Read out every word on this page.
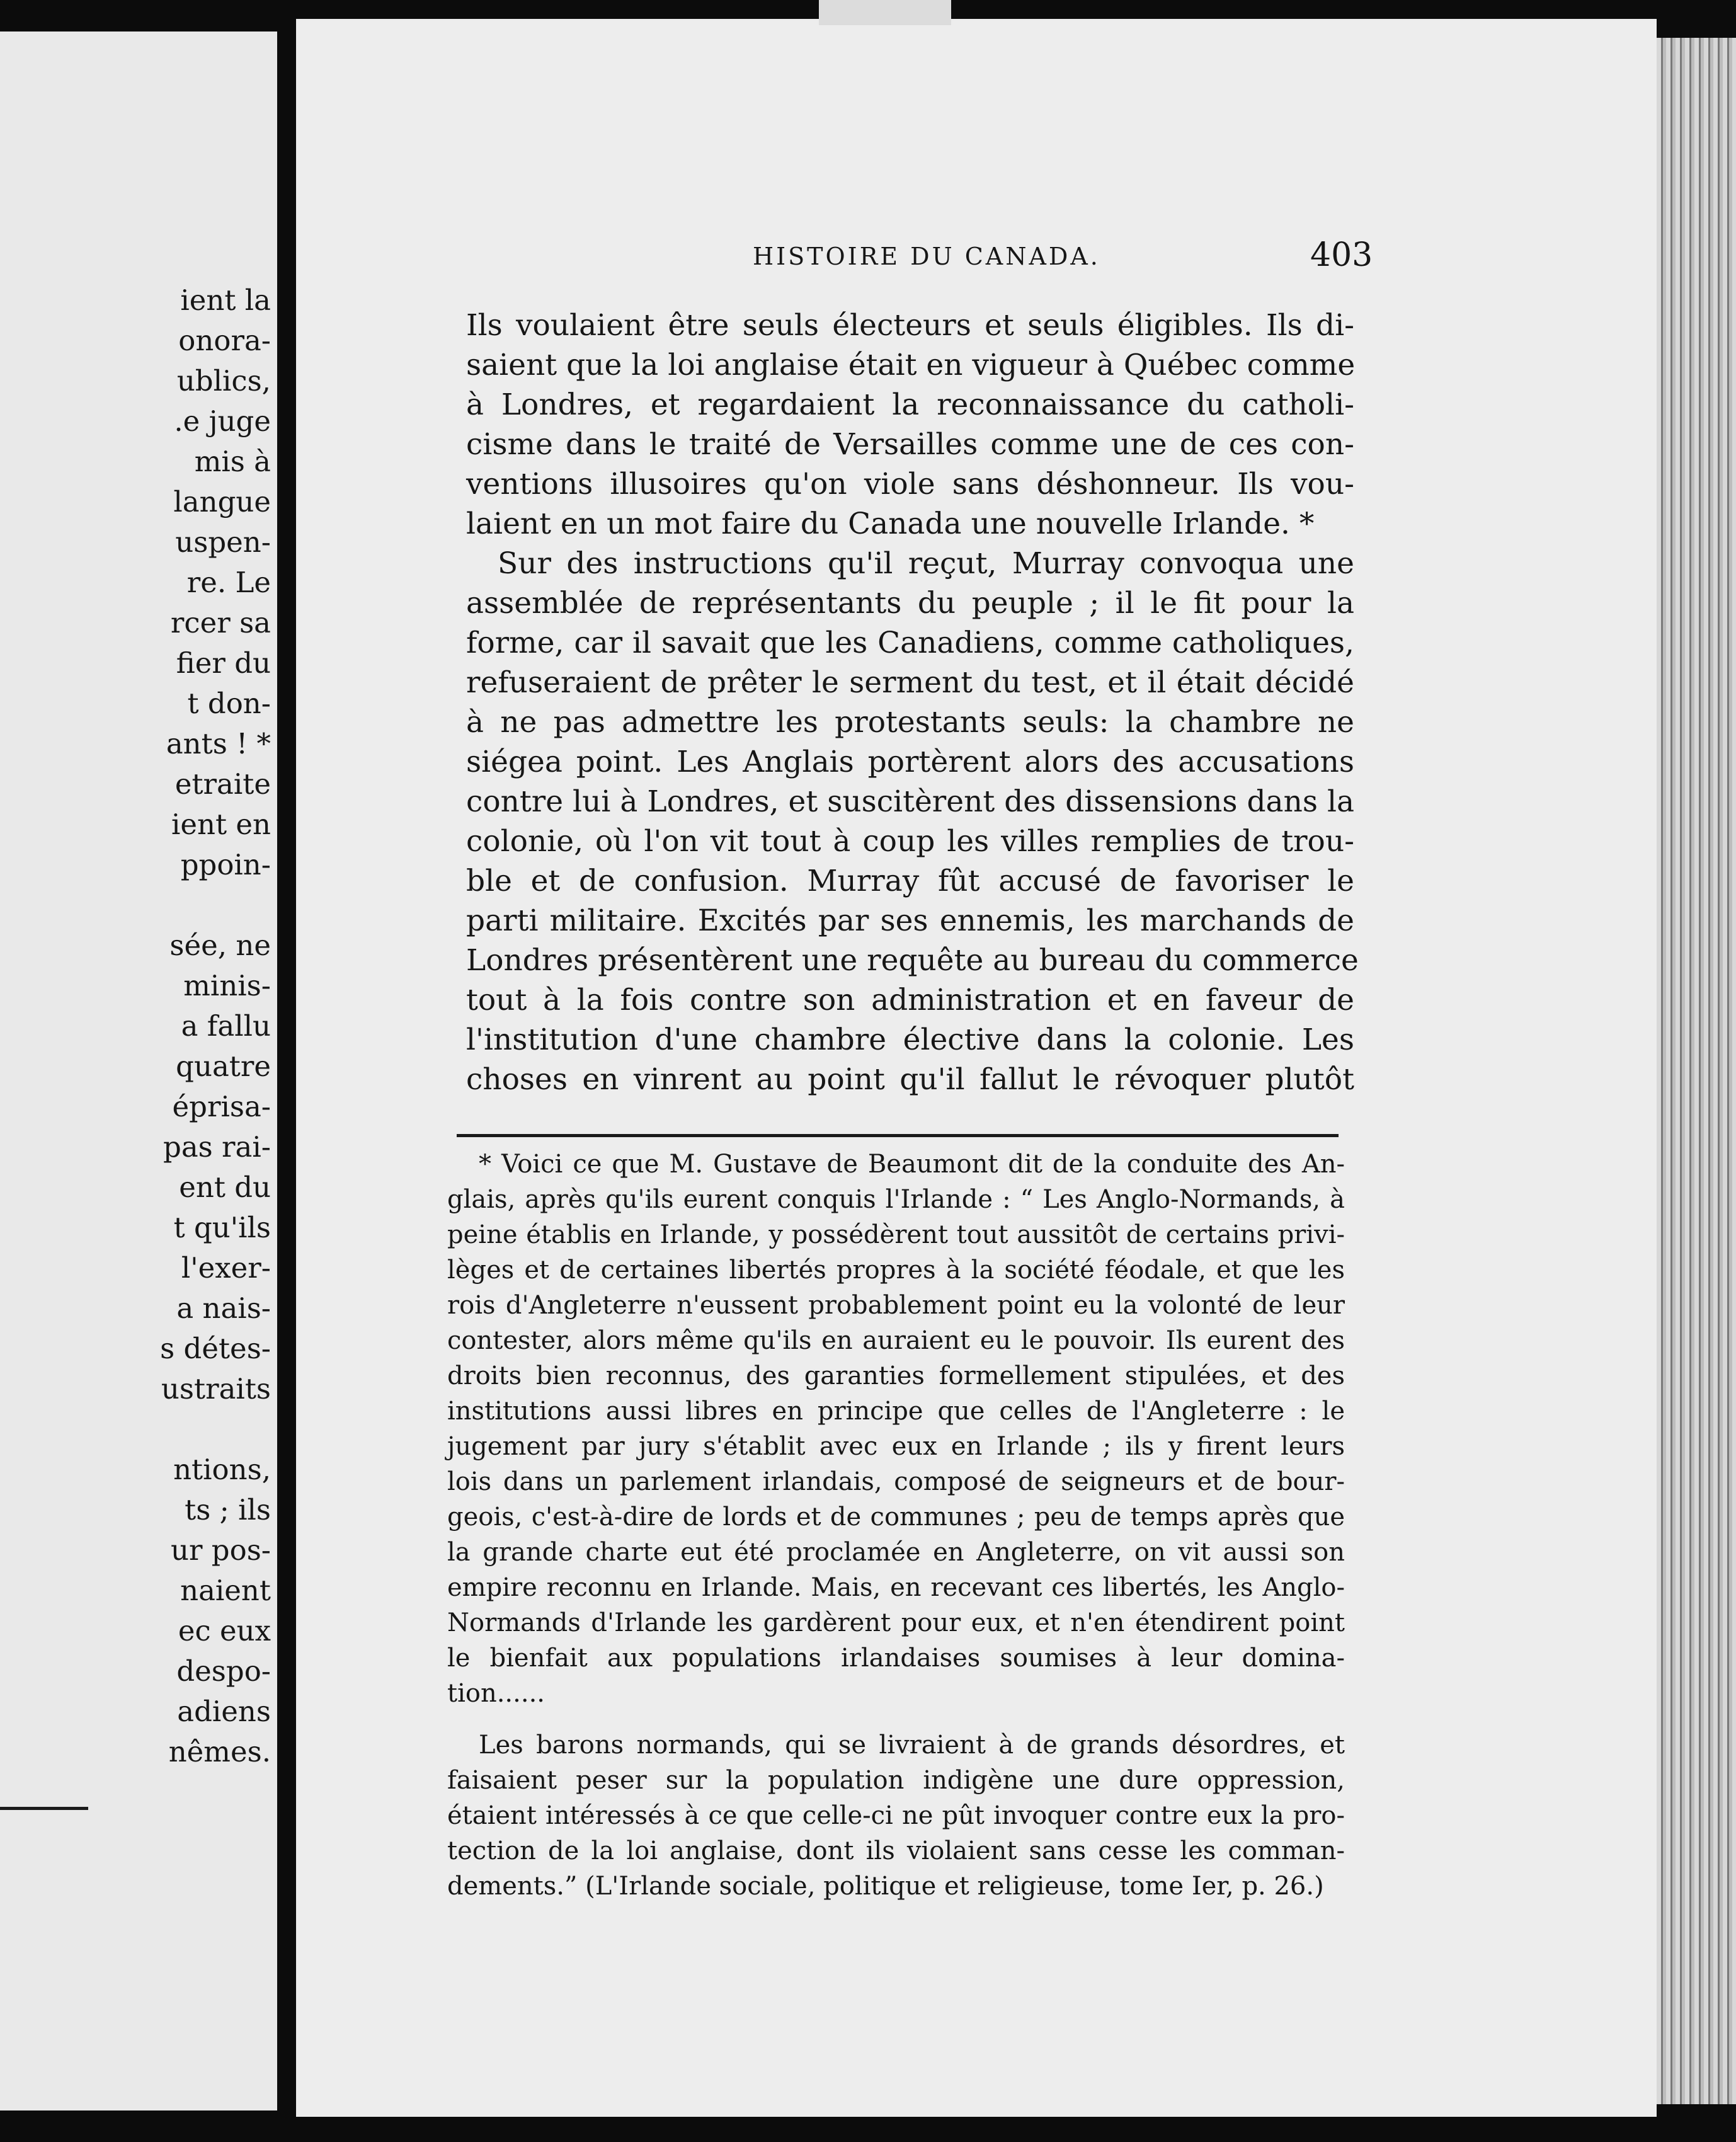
ient la

onora-

ublics,

.e juge

mis à

langue

uspen-

re. Le

rcer sa

fier du

t don-

ants ! *

etraite

ient en

ppoin-

sée, ne

minis-

a fallu

quatre

éprisa-

pas rai-

ent du

t qu'ils

l'exer-

a nais-

s détes-

ustraits

ntions,

ts ; ils

ur pos-

naient

ec eux

despo-

adiens

nêmes.

HISTOIRE DU CANADA.	403

Ils voulaient être seuls électeurs et seuls éligibles. Ils di-

saient que la loi anglaise était en vigueur à Québec comme

à Londres, et regardaient la reconnaissance du catholi-

cisme dans le traité de Versailles comme une de ces con-

ventions illusoires qu'on viole sans déshonneur. Ils vou-

laient en un mot faire du Canada une nouvelle Irlande. *

Sur des instructions qu'il reçut, Murray convoqua une

assemblée de représentants du peuple ; il le fit pour la

forme, car il savait que les Canadiens, comme catholiques,

refuseraient de prêter le serment du test, et il était décidé

à ne pas admettre les protestants seuls: la chambre ne

siégea point. Les Anglais portèrent alors des accusations

contre lui à Londres, et suscitèrent des dissensions dans la

colonie, où l'on vit tout à coup les villes remplies de trou-

ble et de confusion. Murray fût accusé de favoriser le

parti militaire. Excités par ses ennemis, les marchands de

Londres présentèrent une requête au bureau du commerce

tout à la fois contre son administration et en faveur de

l'institution d'une chambre élective dans la colonie. Les

choses en vinrent au point qu'il fallut le révoquer plutôt

* Voici ce que M. Gustave de Beaumont dit de la conduite des An-

glais, après qu'ils eurent conquis l'Irlande : “ Les Anglo-Normands, à

peine établis en Irlande, y possédèrent tout aussitôt de certains privi-

lèges et de certaines libertés propres à la société féodale, et que les

rois d'Angleterre n'eussent probablement point eu la volonté de leur

contester, alors même qu'ils en auraient eu le pouvoir. Ils eurent des

droits bien reconnus, des garanties formellement stipulées, et des

institutions aussi libres en principe que celles de l'Angleterre : le

jugement par jury s'établit avec eux en Irlande ; ils y firent leurs

lois dans un parlement irlandais, composé de seigneurs et de bour-

geois, c'est-à-dire de lords et de communes ; peu de temps après que

la grande charte eut été proclamée en Angleterre, on vit aussi son

empire reconnu en Irlande. Mais, en recevant ces libertés, les Anglo-

Normands d'Irlande les gardèrent pour eux, et n'en étendirent point

le bienfait aux populations irlandaises soumises à leur domina-

tion......

Les barons normands, qui se livraient à de grands désordres, et

faisaient peser sur la population indigène une dure oppression,

étaient intéressés à ce que celle-ci ne pût invoquer contre eux la pro-

tection de la loi anglaise, dont ils violaient sans cesse les comman-

dements.” (L'Irlande sociale, politique et religieuse, tome Ier, p. 26.)
